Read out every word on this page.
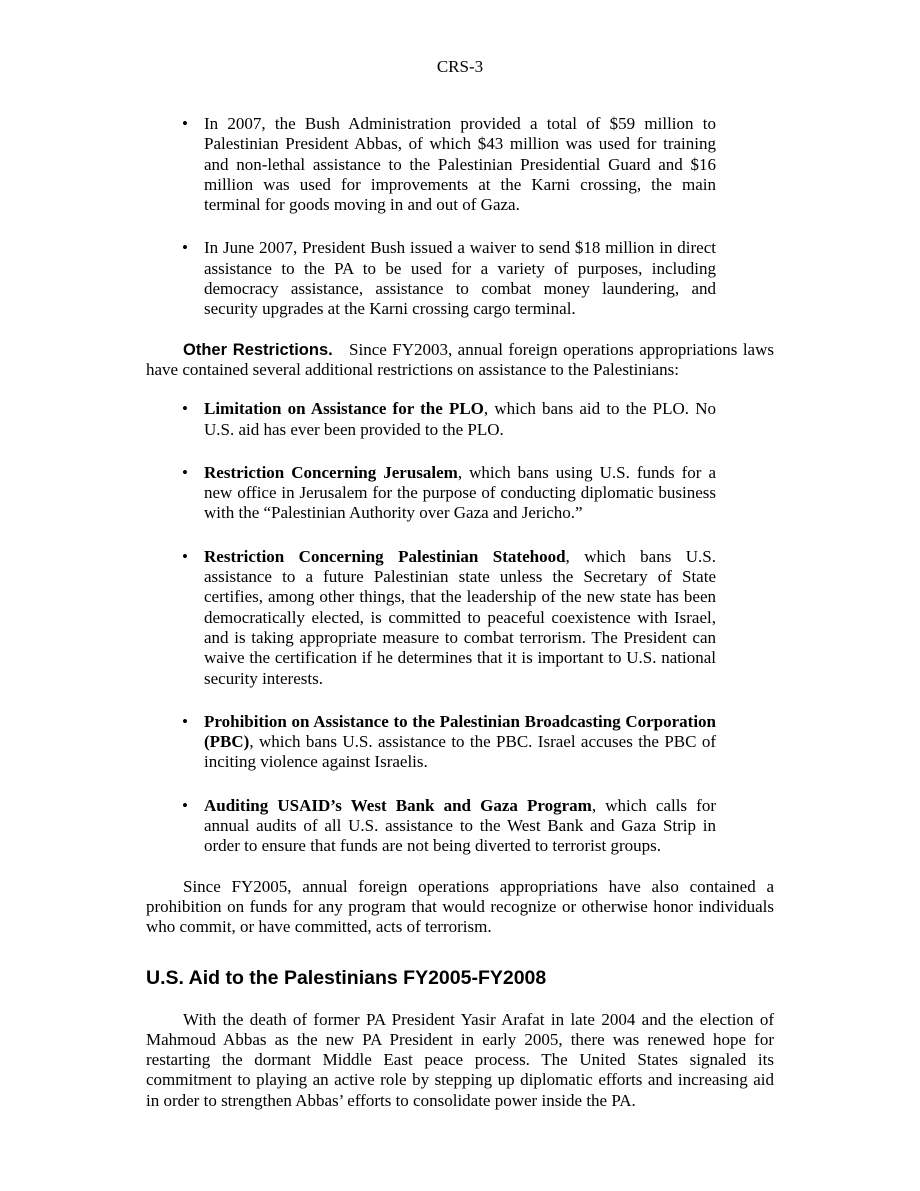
CRS-3
• In 2007, the Bush Administration provided a total of $59 million to Palestinian President Abbas, of which $43 million was used for training and non-lethal assistance to the Palestinian Presidential Guard and $16 million was used for improvements at the Karni crossing, the main terminal for goods moving in and out of Gaza.
• In June 2007, President Bush issued a waiver to send $18 million in direct assistance to the PA to be used for a variety of purposes, including democracy assistance, assistance to combat money laundering, and security upgrades at the Karni crossing cargo terminal.

Other Restrictions. Since FY2003, annual foreign operations appropriations laws have contained several additional restrictions on assistance to the Palestinians:

• Limitation on Assistance for the PLO, which bans aid to the PLO. No U.S. aid has ever been provided to the PLO.
• Restriction Concerning Jerusalem, which bans using U.S. funds for a new office in Jerusalem for the purpose of conducting diplomatic business with the “Palestinian Authority over Gaza and Jericho.”
• Restriction Concerning Palestinian Statehood, which bans U.S. assistance to a future Palestinian state unless the Secretary of State certifies, among other things, that the leadership of the new state has been democratically elected, is committed to peaceful coexistence with Israel, and is taking appropriate measure to combat terrorism. The President can waive the certification if he determines that it is important to U.S. national security interests.
• Prohibition on Assistance to the Palestinian Broadcasting Corporation (PBC), which bans U.S. assistance to the PBC. Israel accuses the PBC of inciting violence against Israelis.
• Auditing USAID’s West Bank and Gaza Program, which calls for annual audits of all U.S. assistance to the West Bank and Gaza Strip in order to ensure that funds are not being diverted to terrorist groups.

Since FY2005, annual foreign operations appropriations have also contained a prohibition on funds for any program that would recognize or otherwise honor individuals who commit, or have committed, acts of terrorism.

U.S. Aid to the Palestinians FY2005-FY2008

With the death of former PA President Yasir Arafat in late 2004 and the election of Mahmoud Abbas as the new PA President in early 2005, there was renewed hope for restarting the dormant Middle East peace process. The United States signaled its commitment to playing an active role by stepping up diplomatic efforts and increasing aid in order to strengthen Abbas’ efforts to consolidate power inside the PA.
